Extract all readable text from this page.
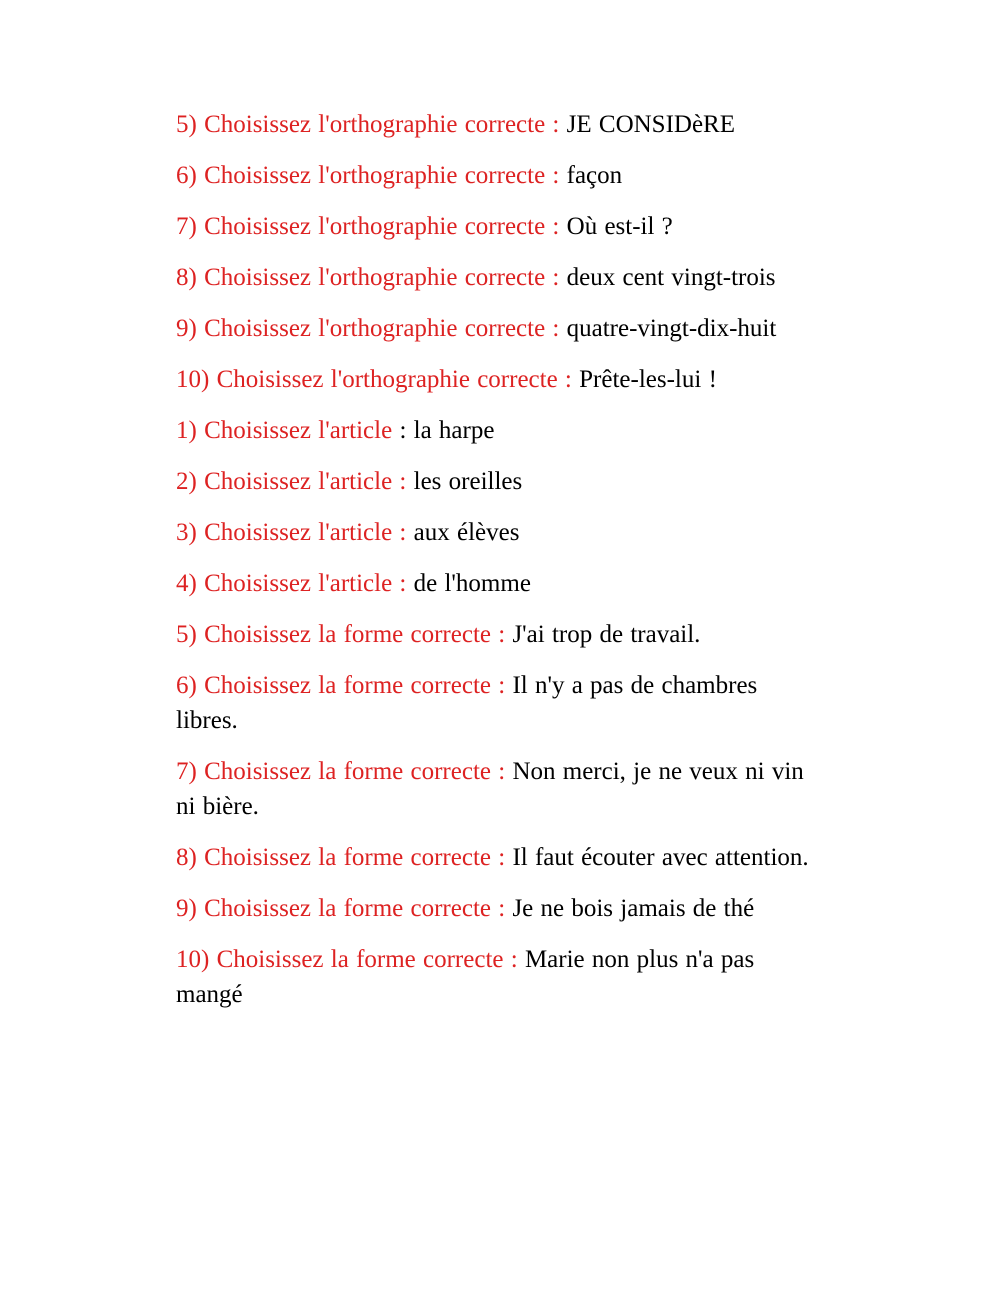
5) Choisissez l'orthographie correcte : JE CONSIDèRE
6) Choisissez l'orthographie correcte : façon
7) Choisissez l'orthographie correcte : Où est-il ?
8) Choisissez l'orthographie correcte : deux cent vingt-trois
9) Choisissez l'orthographie correcte : quatre-vingt-dix-huit
10) Choisissez l'orthographie correcte : Prête-les-lui !
1) Choisissez l'article : la harpe
2) Choisissez l'article : les oreilles
3) Choisissez l'article : aux élèves
4) Choisissez l'article : de l'homme
5) Choisissez la forme correcte : J'ai trop de travail.
6) Choisissez la forme correcte : Il n'y a pas de chambres libres.
7) Choisissez la forme correcte : Non merci, je ne veux ni vin ni bière.
8) Choisissez la forme correcte : Il faut écouter avec attention.
9) Choisissez la forme correcte : Je ne bois jamais de thé
10) Choisissez la forme correcte : Marie non plus n'a pas mangé
